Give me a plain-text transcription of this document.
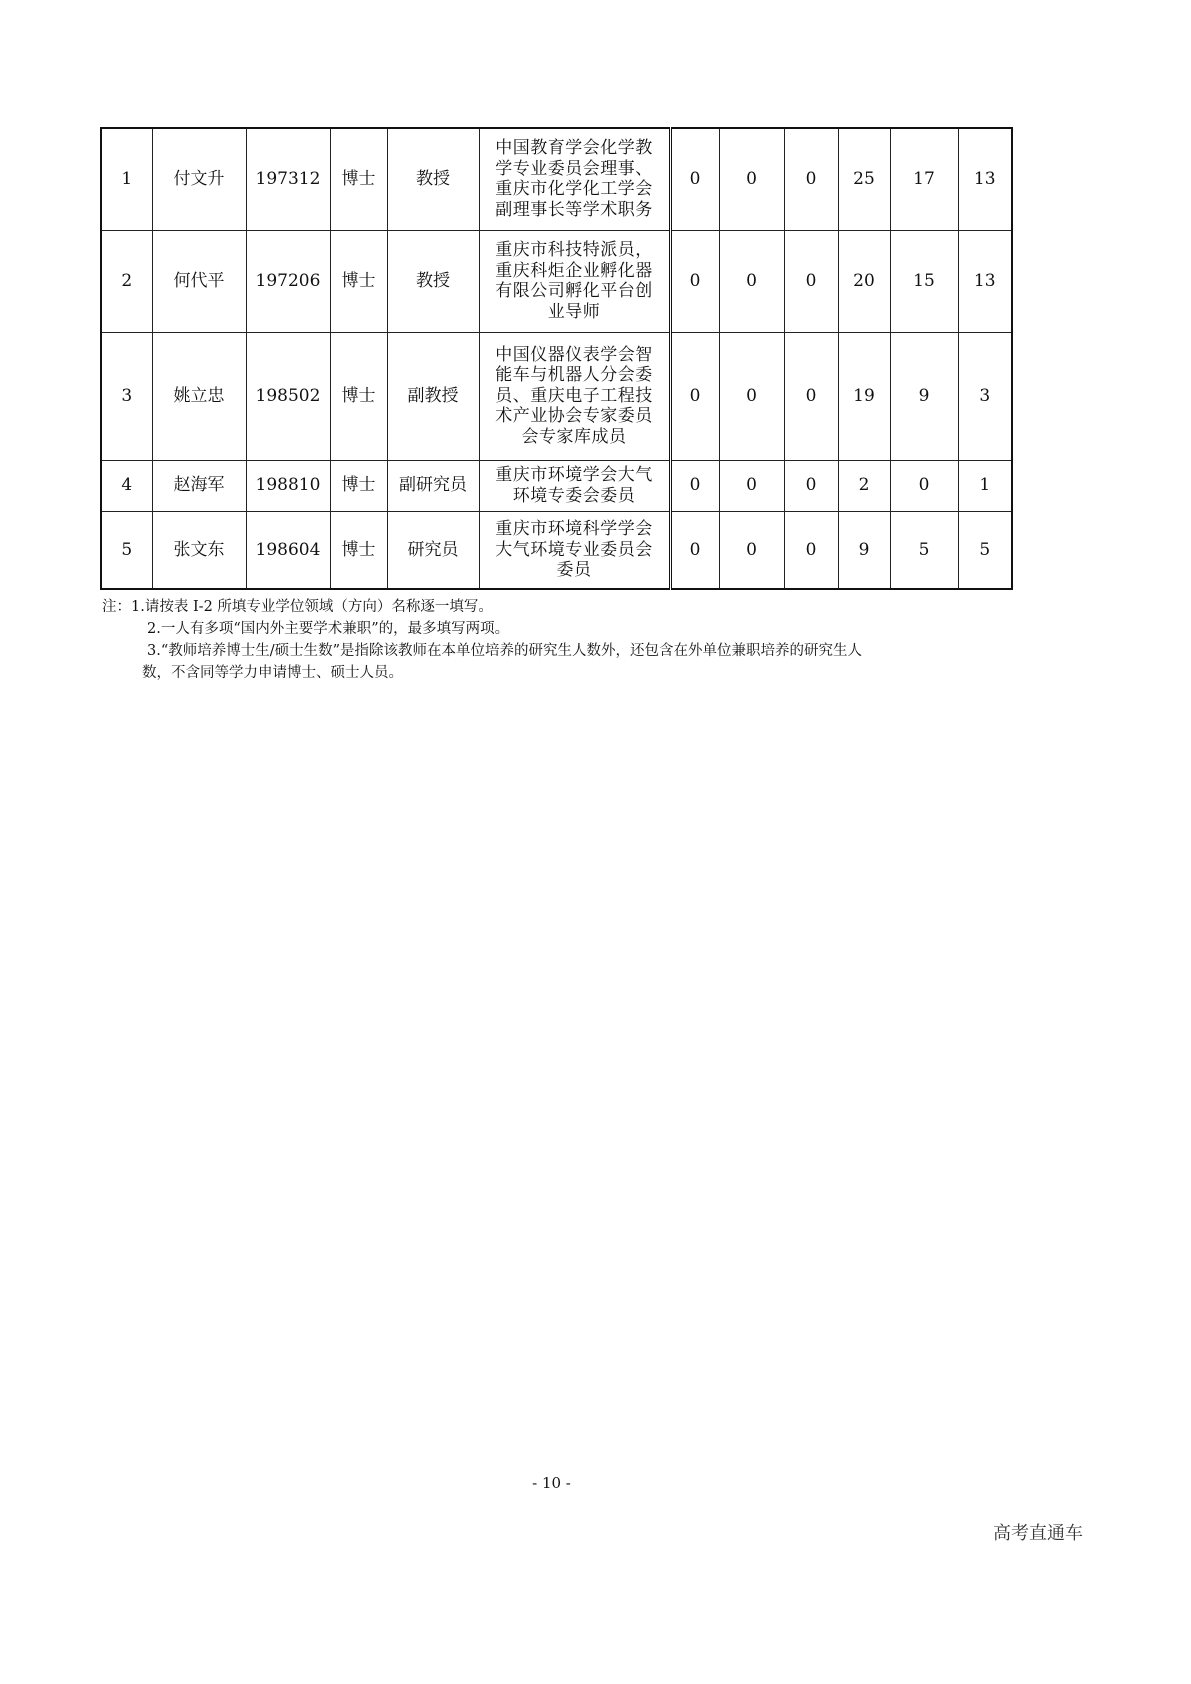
1	付文升	197312	博士	教授	中国教育学会化学教
学专业委员会理事、
重庆市化学化工学会
副理事长等学术职务	0	0	0	25	17	13
2	何代平	197206	博士	教授	重庆市科技特派员，
重庆科炬企业孵化器
有限公司孵化平台创
业导师	0	0	0	20	15	13
3	姚立忠	198502	博士	副教授	中国仪器仪表学会智
能车与机器人分会委
员、重庆电子工程技
术产业协会专家委员
会专家库成员	0	0	0	19	9	3
4	赵海军	198810	博士	副研究员	重庆市环境学会大气
环境专委会委员	0	0	0	2	0	1
5	张文东	198604	博士	研究员	重庆市环境科学学会
大气环境专业委员会
委员	0	0	0	9	5	5
注：1.请按表 I-2 所填专业学位领域（方向）名称逐一填写。
2.一人有多项“国内外主要学术兼职”的，最多填写两项。
3.“教师培养博士生/硕士生数”是指除该教师在本单位培养的研究生人数外，还包含在外单位兼职培养的研究生人
数，不含同等学力申请博士、硕士人员。
- 10 -
高考直通车
